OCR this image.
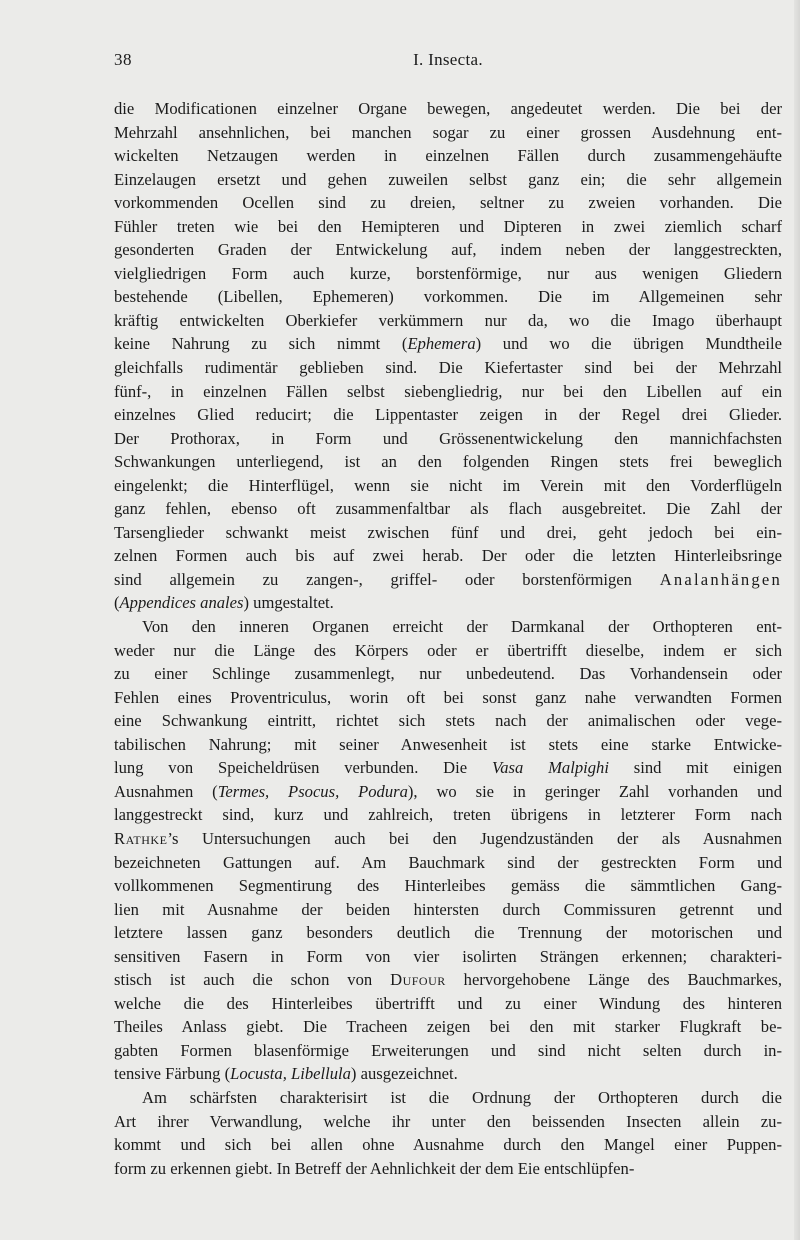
38	I. Insecta.
die Modificationen einzelner Organe bewegen, angedeutet werden. Die bei der
Mehrzahl ansehnlichen, bei manchen sogar zu einer grossen Ausdehnung ent-
wickelten Netzaugen werden in einzelnen Fällen durch zusammengehäufte
Einzelaugen ersetzt und gehen zuweilen selbst ganz ein; die sehr allgemein
vorkommenden Ocellen sind zu dreien, seltner zu zweien vorhanden. Die
Fühler treten wie bei den Hemipteren und Dipteren in zwei ziemlich scharf
gesonderten Graden der Entwickelung auf, indem neben der langgestreckten,
vielgliedrigen Form auch kurze, borstenförmige, nur aus wenigen Gliedern
bestehende (Libellen, Ephemeren) vorkommen. Die im Allgemeinen sehr
kräftig entwickelten Oberkiefer verkümmern nur da, wo die Imago überhaupt
keine Nahrung zu sich nimmt (Ephemera) und wo die übrigen Mundtheile
gleichfalls rudimentär geblieben sind. Die Kiefertaster sind bei der Mehrzahl
fünf-, in einzelnen Fällen selbst siebengliedrig, nur bei den Libellen auf ein
einzelnes Glied reducirt; die Lippentaster zeigen in der Regel drei Glieder.
Der Prothorax, in Form und Grössenentwickelung den mannichfachsten
Schwankungen unterliegend, ist an den folgenden Ringen stets frei beweglich
eingelenkt; die Hinterflügel, wenn sie nicht im Verein mit den Vorderflügeln
ganz fehlen, ebenso oft zusammenfaltbar als flach ausgebreitet. Die Zahl der
Tarsenglieder schwankt meist zwischen fünf und drei, geht jedoch bei ein-
zelnen Formen auch bis auf zwei herab. Der oder die letzten Hinterleibsringe
sind allgemein zu zangen-, griffel- oder borstenförmigen Analanhängen
(Appendices anales) umgestaltet.
Von den inneren Organen erreicht der Darmkanal der Orthopteren ent-
weder nur die Länge des Körpers oder er übertrifft dieselbe, indem er sich
zu einer Schlinge zusammenlegt, nur unbedeutend. Das Vorhandensein oder
Fehlen eines Proventriculus, worin oft bei sonst ganz nahe verwandten Formen
eine Schwankung eintritt, richtet sich stets nach der animalischen oder vege-
tabilischen Nahrung; mit seiner Anwesenheit ist stets eine starke Entwicke-
lung von Speicheldrüsen verbunden. Die Vasa Malpighi sind mit einigen
Ausnahmen (Termes, Psocus, Podura), wo sie in geringer Zahl vorhanden und
langgestreckt sind, kurz und zahlreich, treten übrigens in letzterer Form nach
Rathke’s Untersuchungen auch bei den Jugendzuständen der als Ausnahmen
bezeichneten Gattungen auf. Am Bauchmark sind der gestreckten Form und
vollkommenen Segmentirung des Hinterleibes gemäss die sämmtlichen Gang-
lien mit Ausnahme der beiden hintersten durch Commissuren getrennt und
letztere lassen ganz besonders deutlich die Trennung der motorischen und
sensitiven Fasern in Form von vier isolirten Strängen erkennen; charakteri-
stisch ist auch die schon von Dufour hervorgehobene Länge des Bauchmarkes,
welche die des Hinterleibes übertrifft und zu einer Windung des hinteren
Theiles Anlass giebt. Die Tracheen zeigen bei den mit starker Flugkraft be-
gabten Formen blasenförmige Erweiterungen und sind nicht selten durch in-
tensive Färbung (Locusta, Libellula) ausgezeichnet.
Am schärfsten charakterisirt ist die Ordnung der Orthopteren durch die
Art ihrer Verwandlung, welche ihr unter den beissenden Insecten allein zu-
kommt und sich bei allen ohne Ausnahme durch den Mangel einer Puppen-
form zu erkennen giebt. In Betreff der Aehnlichkeit der dem Eie entschlüpfen-
